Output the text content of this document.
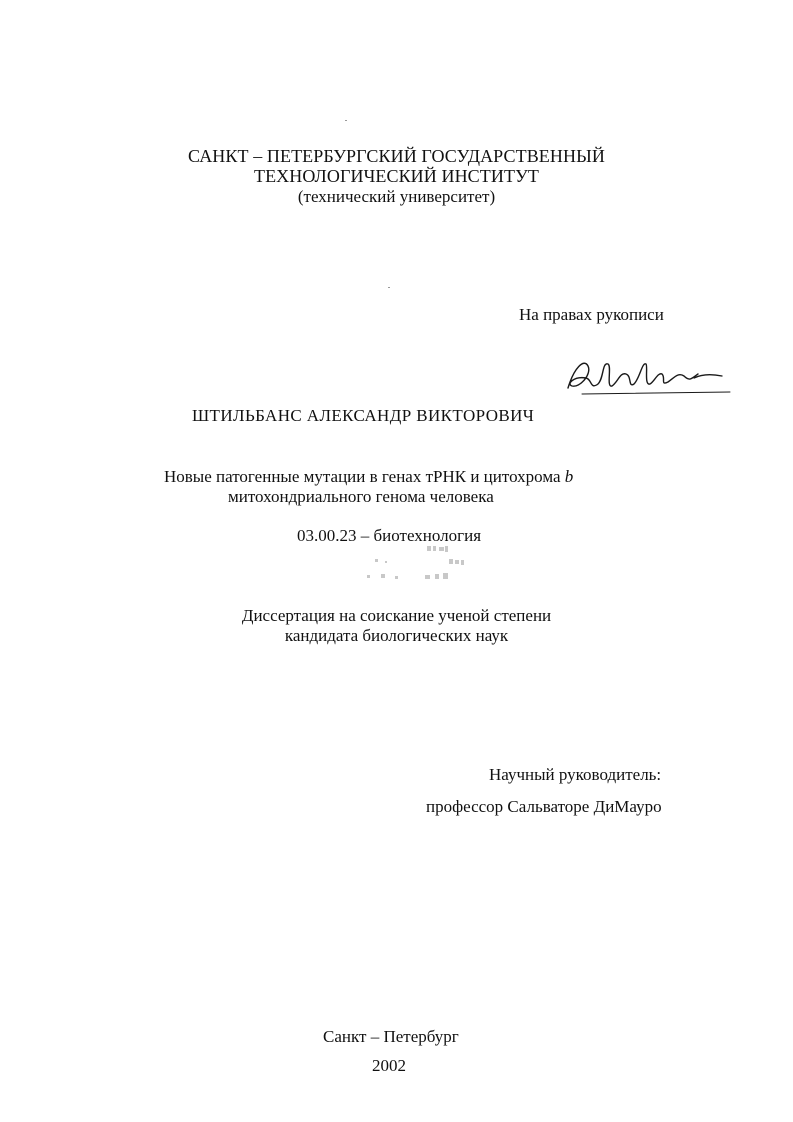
САНКТ – ПЕТЕРБУРГСКИЙ ГОСУДАРСТВЕННЫЙ
ТЕХНОЛОГИЧЕСКИЙ ИНСТИТУТ
(технический университет)
На правах рукописи
ШТИЛЬБАНС АЛЕКСАНДР ВИКТОРОВИЧ
Новые патогенные мутации в генах тРНК и цитохрома b
митохондриального генома человека
03.00.23 – биотехнология
Диссертация на соискание ученой степени
кандидата биологических наук
Научный руководитель:
профессор Сальваторе ДиМауро
Санкт – Петербург
2002
